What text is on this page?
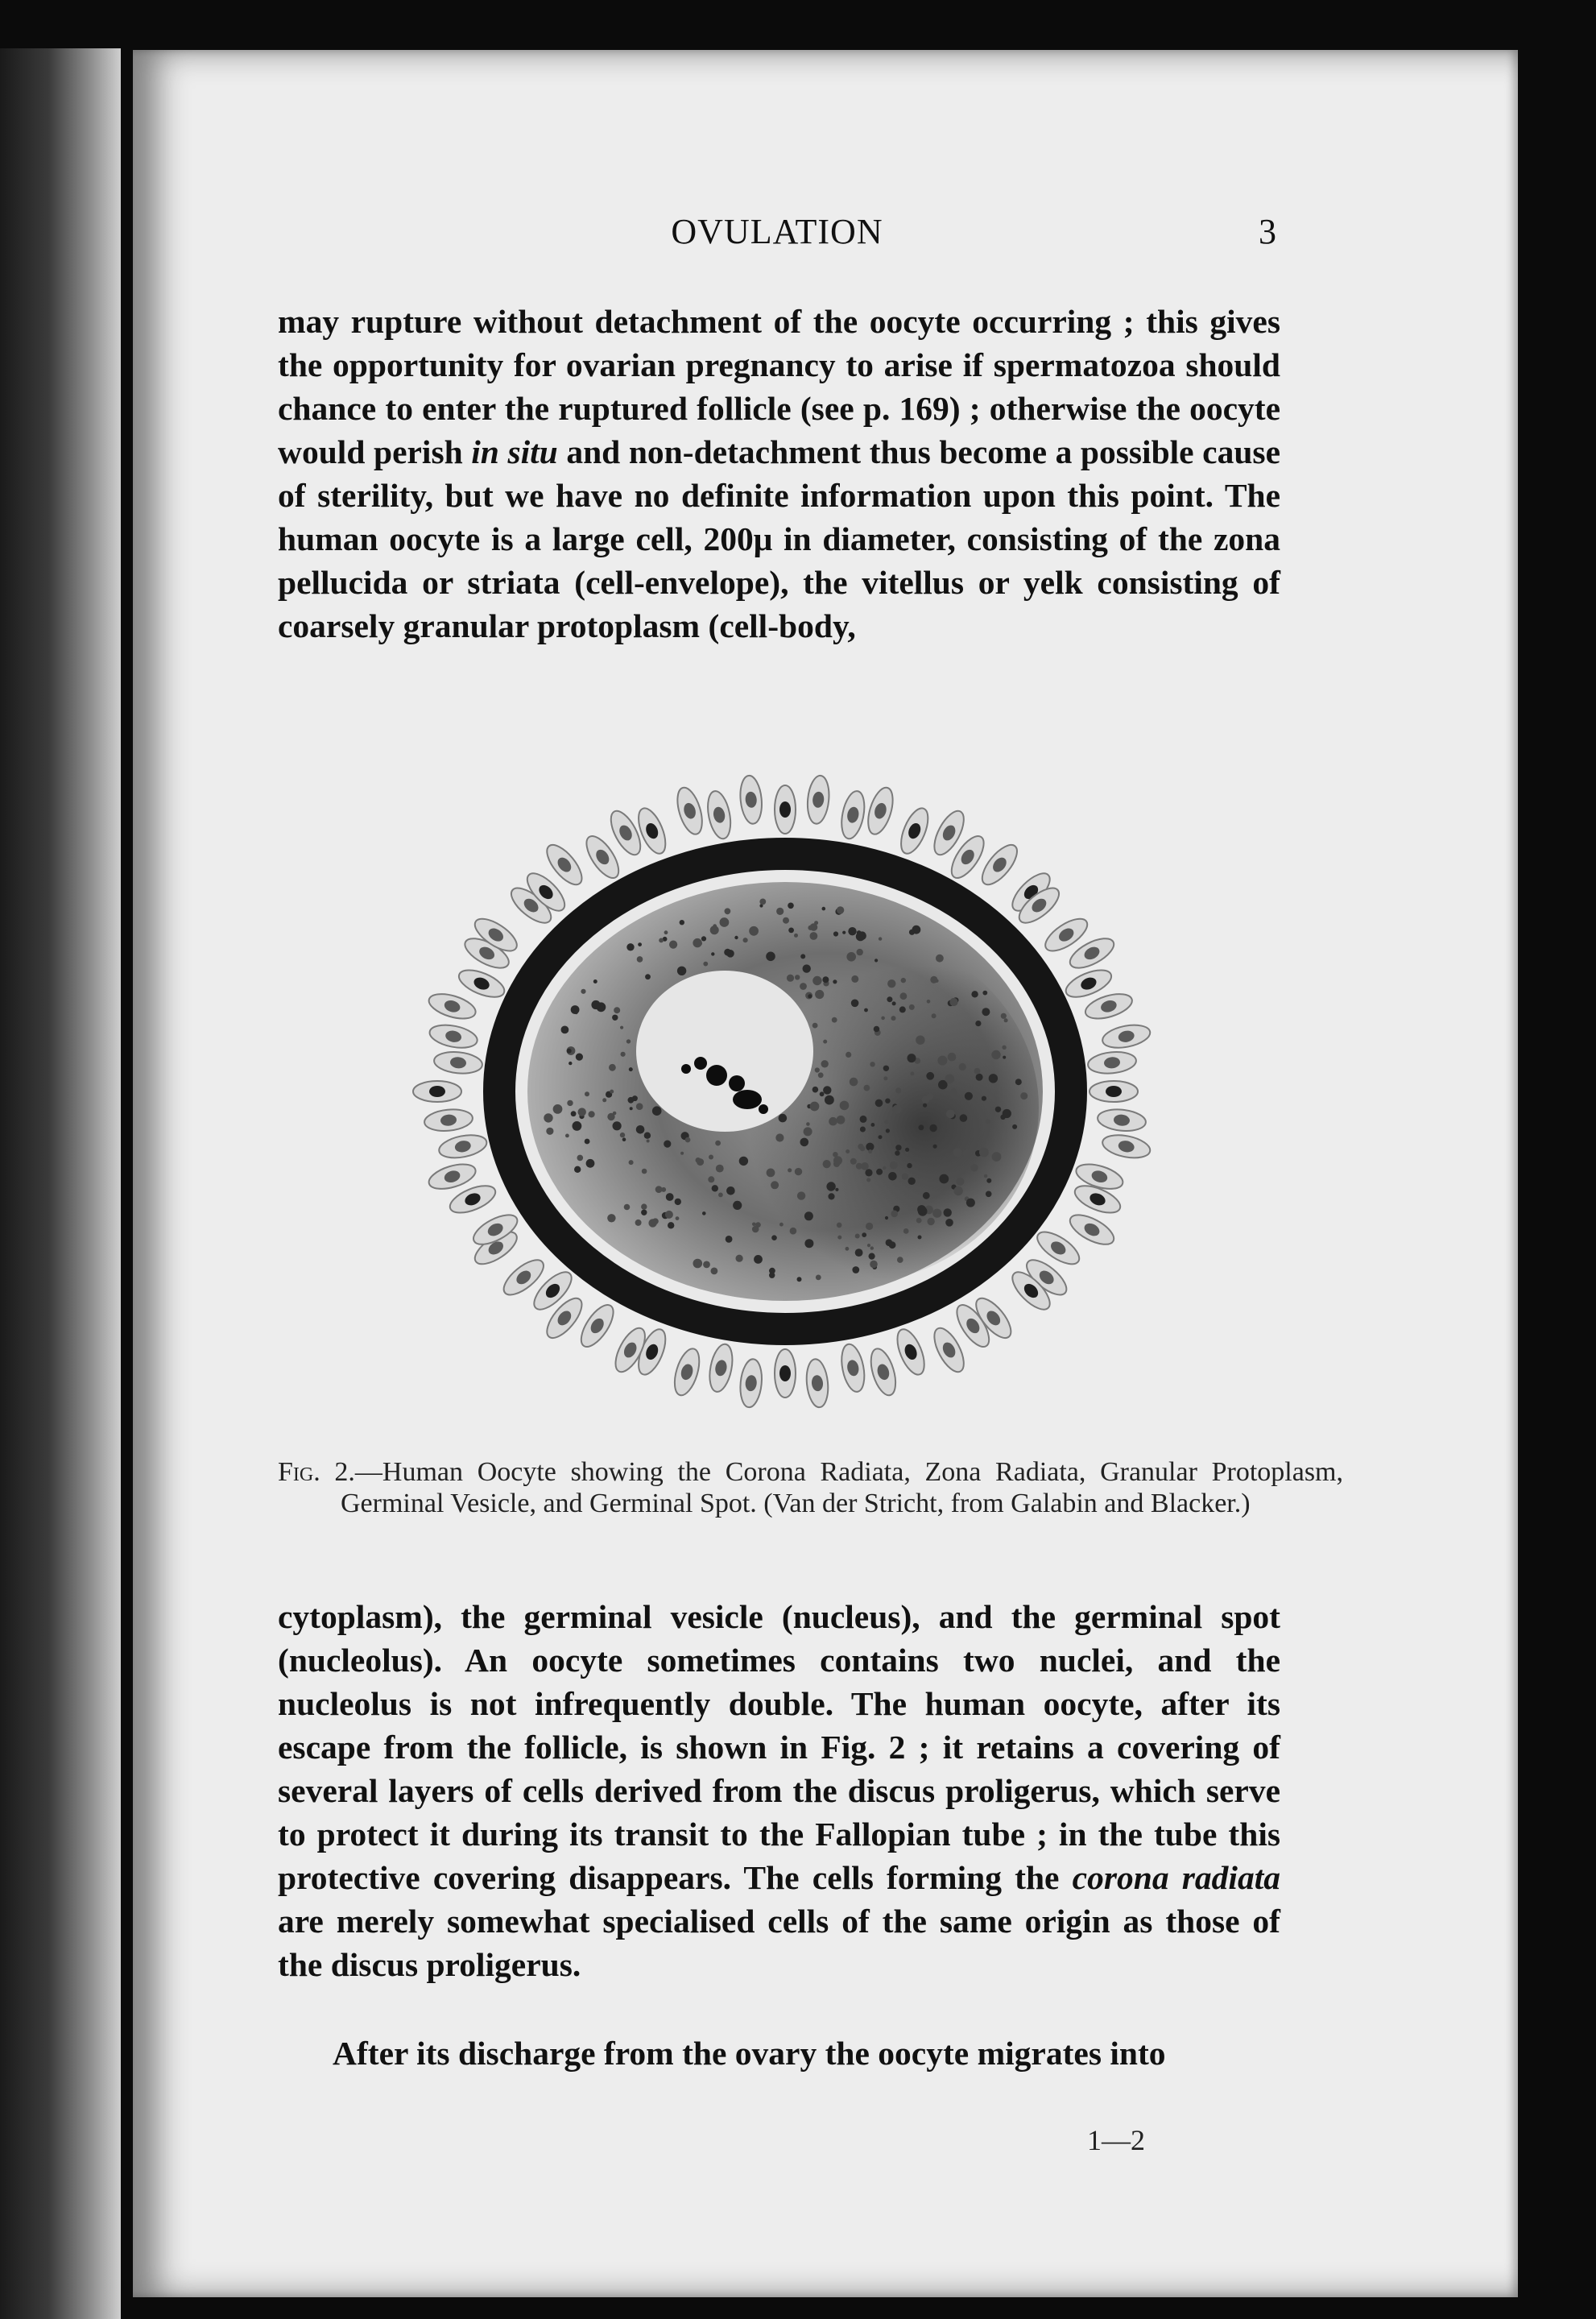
OVULATION	3

may rupture without detachment of the oocyte occurring ; this gives the opportunity for ovarian pregnancy to arise if spermatozoa should chance to enter the ruptured follicle (see p. 169) ; otherwise the oocyte would perish in situ and non-detachment thus become a possible cause of sterility, but we have no definite information upon this point. The human oocyte is a large cell, 200μ in diameter, consisting of the zona pellucida or striata (cell-envelope), the vitellus or yelk consisting of coarsely granular protoplasm (cell-body,

Fig. 2.—Human Oocyte showing the Corona Radiata, Zona Radiata, Granular Protoplasm, Germinal Vesicle, and Germinal Spot. (Van der Stricht, from Galabin and Blacker.)

cytoplasm), the germinal vesicle (nucleus), and the germinal spot (nucleolus). An oocyte sometimes contains two nuclei, and the nucleolus is not infrequently double. The human oocyte, after its escape from the follicle, is shown in Fig. 2 ; it retains a covering of several layers of cells derived from the discus proligerus, which serve to protect it during its transit to the Fallopian tube ; in the tube this protective covering disappears. The cells forming the corona radiata are merely somewhat specialised cells of the same origin as those of the discus proligerus.

After its discharge from the ovary the oocyte migrates into

1—2
